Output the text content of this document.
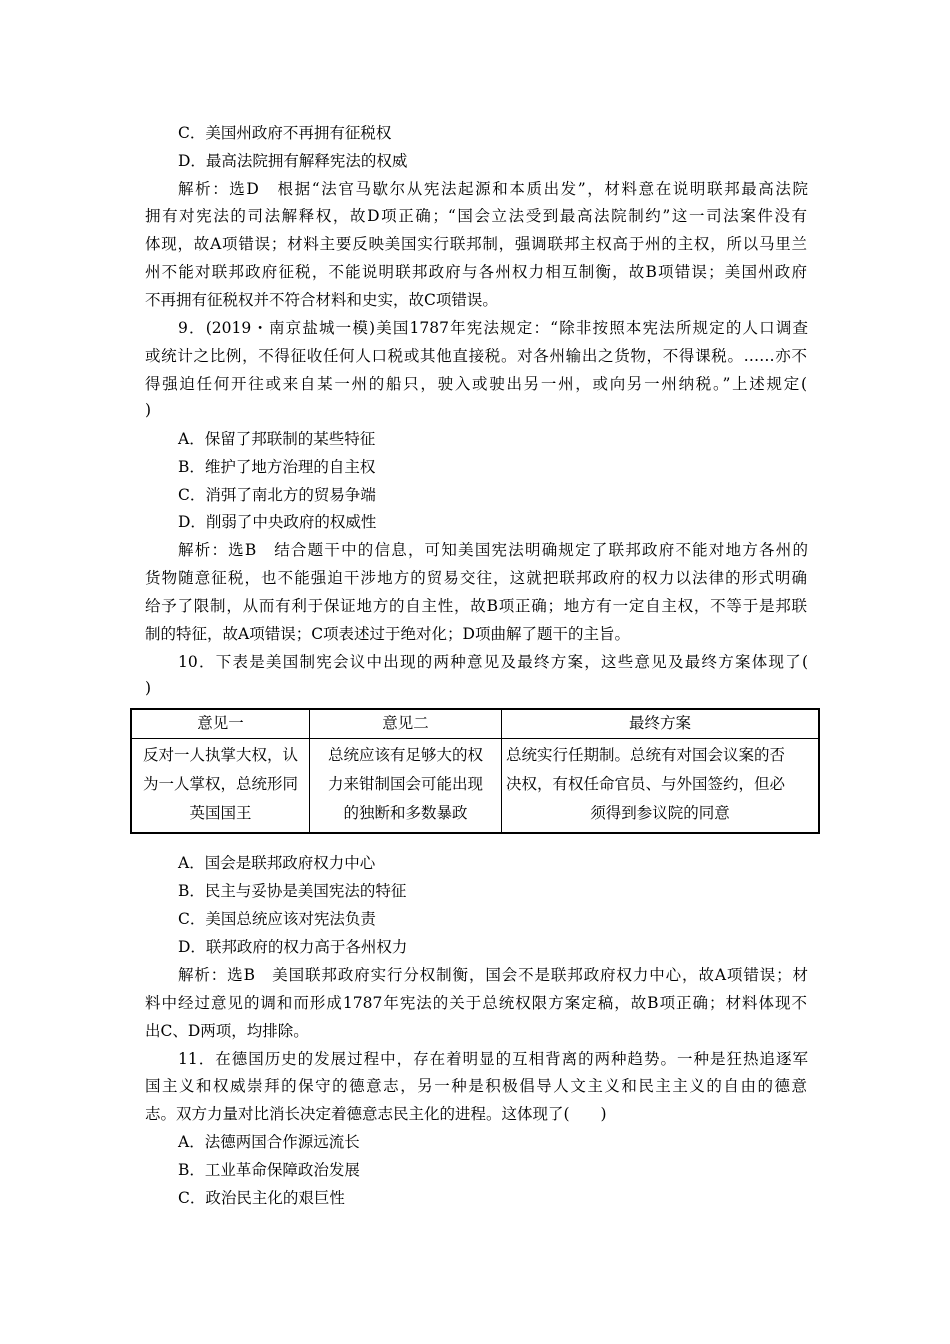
C．美国州政府不再拥有征税权
D．最高法院拥有解释宪法的权威
解析：选D　根据“法官马歇尔从宪法起源和本质出发”，材料意在说明联邦最高法院
拥有对宪法的司法解释权，故D项正确；“国会立法受到最高法院制约”这一司法案件没有
体现，故A项错误；材料主要反映美国实行联邦制，强调联邦主权高于州的主权，所以马里兰
州不能对联邦政府征税，不能说明联邦政府与各州权力相互制衡，故B项错误；美国州政府
不再拥有征税权并不符合材料和史实，故C项错误。
9．(2019・南京盐城一模)美国1787年宪法规定：“除非按照本宪法所规定的人口调查
或统计之比例，不得征收任何人口税或其他直接税。对各州输出之货物，不得课税。……亦不
得强迫任何开往或来自某一州的船只，驶入或驶出另一州，或向另一州纳税。”上述规定(
)
A．保留了邦联制的某些特征
B．维护了地方治理的自主权
C．消弭了南北方的贸易争端
D．削弱了中央政府的权威性
解析：选B　结合题干中的信息，可知美国宪法明确规定了联邦政府不能对地方各州的
货物随意征税，也不能强迫干涉地方的贸易交往，这就把联邦政府的权力以法律的形式明确
给予了限制，从而有利于保证地方的自主性，故B项正确；地方有一定自主权，不等于是邦联
制的特征，故A项错误；C项表述过于绝对化；D项曲解了题干的主旨。
10．下表是美国制宪会议中出现的两种意见及最终方案，这些意见及最终方案体现了(
)
意见一	意见二	最终方案

反对一人执掌大权，认
为一人掌权，总统形同
英国国王	总统应该有足够大的权
力来钳制国会可能出现
的独断和多数暴政	总统实行任期制。总统有对国会议案的否
决权，有权任命官员、与外国签约，但必
须得到参议院的同意
A．国会是联邦政府权力中心
B．民主与妥协是美国宪法的特征
C．美国总统应该对宪法负责
D．联邦政府的权力高于各州权力
解析：选B　美国联邦政府实行分权制衡，国会不是联邦政府权力中心，故A项错误；材
料中经过意见的调和而形成1787年宪法的关于总统权限方案定稿，故B项正确；材料体现不
出C、D两项，均排除。
11．在德国历史的发展过程中，存在着明显的互相背离的两种趋势。一种是狂热追逐军
国主义和权威崇拜的保守的德意志，另一种是积极倡导人文主义和民主主义的自由的德意
志。双方力量对比消长决定着德意志民主化的进程。这体现了(　　)
A．法德两国合作源远流长
B．工业革命保障政治发展
C．政治民主化的艰巨性
